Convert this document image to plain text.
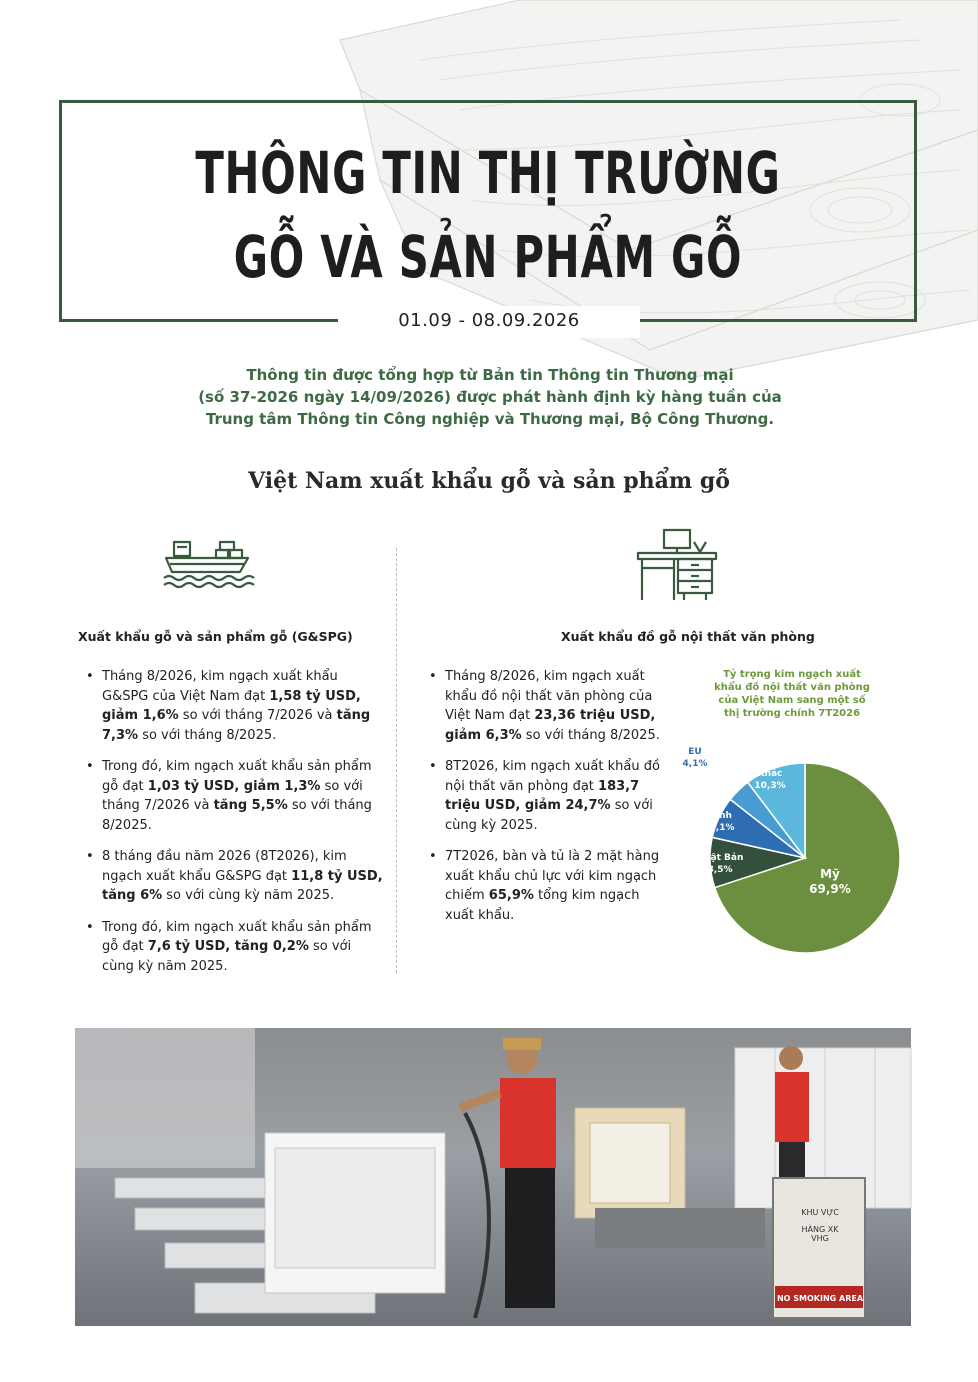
THÔNG TIN THỊ TRƯỜNG
GỖ VÀ SẢN PHẨM GỖ
01.09 - 08.09.2026
Thông tin được tổng hợp từ Bản tin Thông tin Thương mại
(số 37-2026 ngày 14/09/2026) được phát hành định kỳ hàng tuần của
Trung tâm Thông tin Công nghiệp và Thương mại, Bộ Công Thương.
Việt Nam xuất khẩu gỗ và sản phẩm gỗ
Xuất khẩu gỗ và sản phẩm gỗ (G&SPG)
• Tháng 8/2026, kim ngạch xuất khẩu G&SPG của Việt Nam đạt 1,58 tỷ USD, giảm 1,6% so với tháng 7/2026 và tăng 7,3% so với tháng 8/2025.
• Trong đó, kim ngạch xuất khẩu sản phẩm gỗ đạt 1,03 tỷ USD, giảm 1,3% so với tháng 7/2026 và tăng 5,5% so với tháng 8/2025.
• 8 tháng đầu năm 2026 (8T2026), kim ngạch xuất khẩu G&SPG đạt 11,8 tỷ USD, tăng 6% so với cùng kỳ năm 2025.
• Trong đó, kim ngạch xuất khẩu sản phẩm gỗ đạt 7,6 tỷ USD, tăng 0,2% so với cùng kỳ năm 2025.
Xuất khẩu đồ gỗ nội thất văn phòng
• Tháng 8/2026, kim ngạch xuất khẩu đồ nội thất văn phòng của Việt Nam đạt 23,36 triệu USD, giảm 6,3% so với tháng 8/2025.
• 8T2026, kim ngạch xuất khẩu đồ nội thất văn phòng đạt 183,7 triệu USD, giảm 24,7% so với cùng kỳ 2025.
• 7T2026, bàn và tủ là 2 mặt hàng xuất khẩu chủ lực với kim ngạch chiếm 65,9% tổng kim ngạch xuất khẩu.
Tỷ trọng kim ngạch xuất khẩu đồ nội thất văn phòng của Việt Nam sang một số thị trường chính 7T2026
Mỹ
69,9%
Nhật Bản
8,5%
Anh
7,1%
EU
4,1%
Khác
10,3%
KHU VỰC
HÀNG XK
VHG
NO SMOKING AREA
